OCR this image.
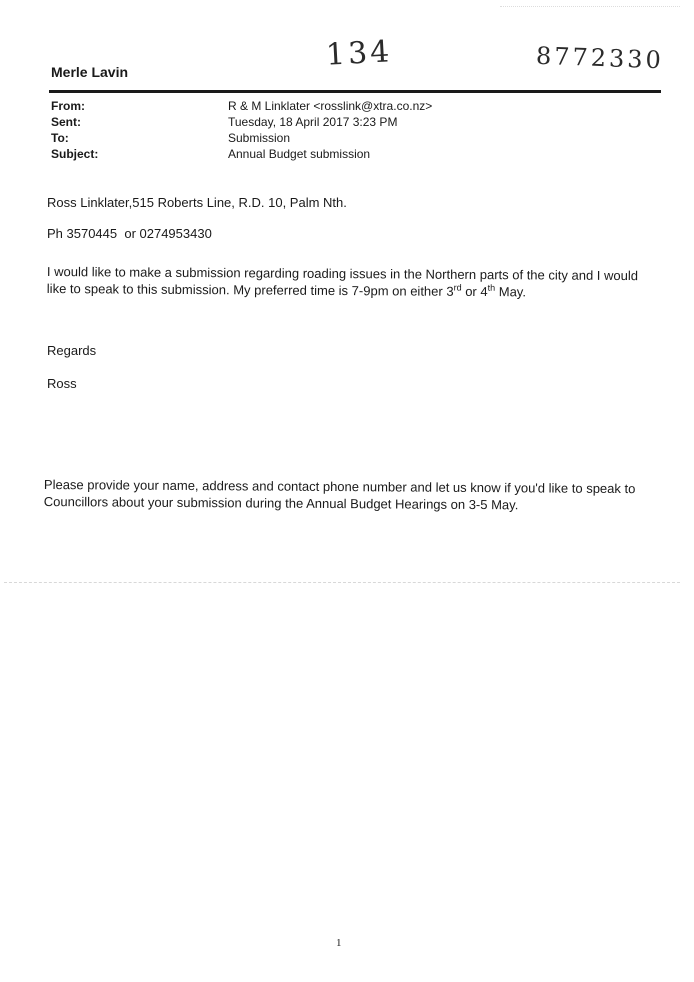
134	8772330
Merle Lavin
From:	R & M Linklater <rosslink@xtra.co.nz>
Sent:	Tuesday, 18 April 2017 3:23 PM
To:	Submission
Subject:	Annual Budget submission
Ross Linklater,515 Roberts Line, R.D. 10, Palm Nth.
Ph 3570445  or 0274953430
I would like to make a submission regarding roading issues in the Northern parts of the city and I would like to speak to this submission. My preferred time is 7-9pm on either 3rd or 4th May.
Regards
Ross
Please provide your name, address and contact phone number and let us know if you'd like to speak to Councillors about your submission during the Annual Budget Hearings on 3-5 May.
1
